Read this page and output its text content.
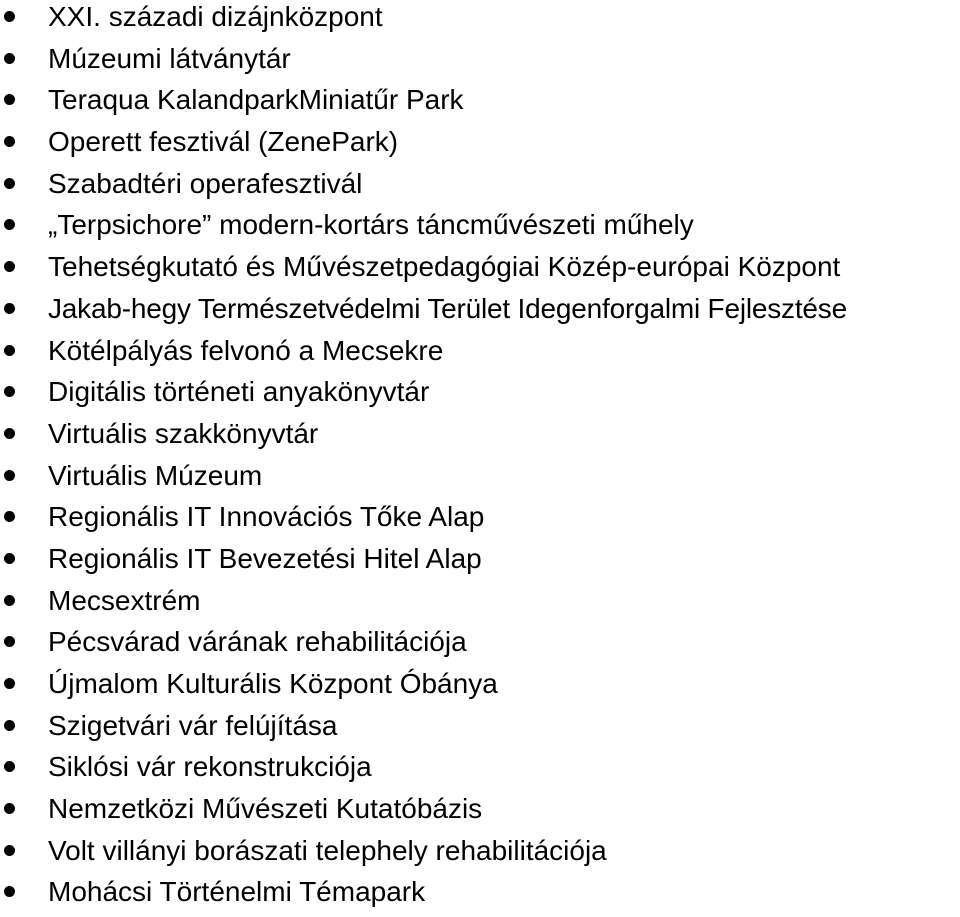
XXI. századi dizájnközpont
Múzeumi látványtár
Teraqua KalandparkMiniatűr Park
Operett fesztivál (ZenePark)
Szabadtéri operafesztivál
„Terpsichore” modern-kortárs táncművészeti műhely
Tehetségkutató és Művészetpedagógiai Közép-európai Központ
Jakab-hegy Természetvédelmi Terület Idegenforgalmi Fejlesztése
Kötélpályás felvonó a Mecsekre
Digitális történeti anyakönyvtár
Virtuális szakkönyvtár
Virtuális Múzeum
Regionális IT Innovációs Tőke Alap
Regionális IT Bevezetési Hitel Alap
Mecsextrém
Pécsvárad várának rehabilitációja
Újmalom Kulturális Központ Óbánya
Szigetvári vár felújítása
Siklósi vár rekonstrukciója
Nemzetközi Művészeti Kutatóbázis
Volt villányi borászati telephely rehabilitációja
Mohácsi Történelmi Témapark
